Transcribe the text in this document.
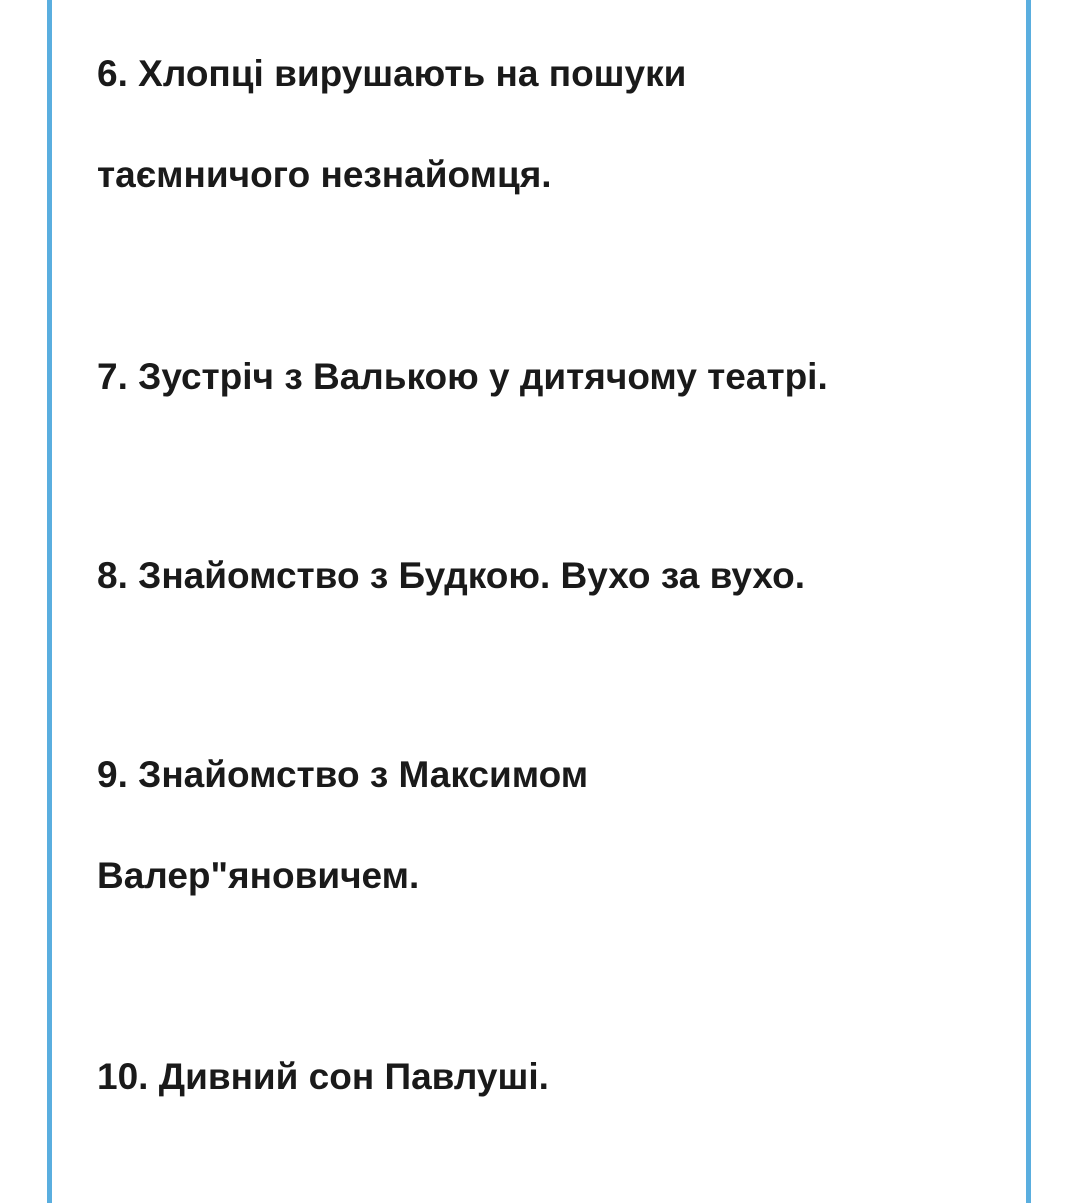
6. Хлопці вирушають на пошуки

таємничого незнайомця.

7. Зустріч з Валькою у дитячому театрі.

8. Знайомство з Будкою. Вухо за вухо.

9. Знайомство з Максимом

Валер"яновичем.

10. Дивний сон Павлуші.
